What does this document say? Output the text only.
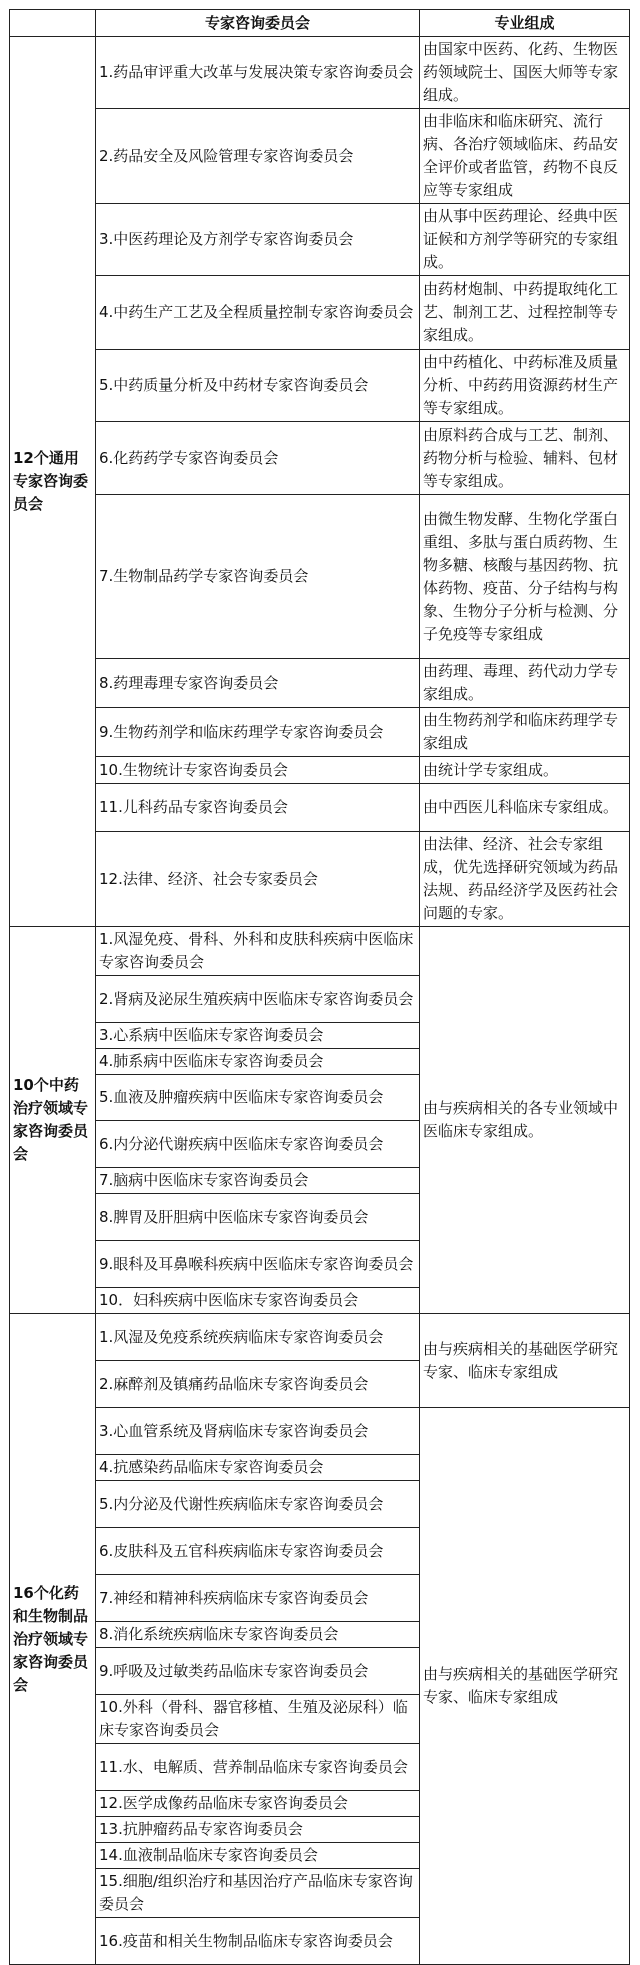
	专家咨询委员会	专业组成
12个通用专家咨询委员会	1.药品审评重大改革与发展决策专家咨询委员会	由国家中医药、化药、生物医药领域院士、国医大师等专家组成。
	2.药品安全及风险管理专家咨询委员会	由非临床和临床研究、流行病、各治疗领域临床、药品安全评价或者监管，药物不良反应等专家组成
	3.中医药理论及方剂学专家咨询委员会	由从事中医药理论、经典中医证候和方剂学等研究的专家组成。
	4.中药生产工艺及全程质量控制专家咨询委员会	由药材炮制、中药提取纯化工艺、制剂工艺、过程控制等专家组成。
	5.中药质量分析及中药材专家咨询委员会	由中药植化、中药标准及质量分析、中药药用资源药材生产等专家组成。
	6.化药药学专家咨询委员会	由原料药合成与工艺、制剂、药物分析与检验、辅料、包材等专家组成。
	7.生物制品药学专家咨询委员会	由微生物发酵、生物化学蛋白重组、多肽与蛋白质药物、生物多糖、核酸与基因药物、抗体药物、疫苗、分子结构与构象、生物分子分析与检测、分子免疫等专家组成
	8.药理毒理专家咨询委员会	由药理、毒理、药代动力学专家组成。
	9.生物药剂学和临床药理学专家咨询委员会	由生物药剂学和临床药理学专家组成
	10.生物统计专家咨询委员会	由统计学专家组成。
	11.儿科药品专家咨询委员会	由中西医儿科临床专家组成。
	12.法律、经济、社会专家委员会	由法律、经济、社会专家组成，优先选择研究领域为药品法规、药品经济学及医药社会问题的专家。
10个中药治疗领域专家咨询委员会	1.风湿免疫、骨科、外科和皮肤科疾病中医临床专家咨询委员会	由与疾病相关的各专业领域中医临床专家组成。
	2.肾病及泌尿生殖疾病中医临床专家咨询委员会	
	3.心系病中医临床专家咨询委员会	
	4.肺系病中医临床专家咨询委员会	
	5.血液及肿瘤疾病中医临床专家咨询委员会	
	6.内分泌代谢疾病中医临床专家咨询委员会	
	7.脑病中医临床专家咨询委员会	
	8.脾胃及肝胆病中医临床专家咨询委员会	
	9.眼科及耳鼻喉科疾病中医临床专家咨询委员会	
	10．妇科疾病中医临床专家咨询委员会	
16个化药和生物制品治疗领域专家咨询委员会	1.风湿及免疫系统疾病临床专家咨询委员会	由与疾病相关的基础医学研究专家、临床专家组成
	2.麻醉剂及镇痛药品临床专家咨询委员会	
	3.心血管系统及肾病临床专家咨询委员会	由与疾病相关的基础医学研究专家、临床专家组成
	4.抗感染药品临床专家咨询委员会	
	5.内分泌及代谢性疾病临床专家咨询委员会	
	6.皮肤科及五官科疾病临床专家咨询委员会	
	7.神经和精神科疾病临床专家咨询委员会	
	8.消化系统疾病临床专家咨询委员会	
	9.呼吸及过敏类药品临床专家咨询委员会	
	10.外科（骨科、器官移植、生殖及泌尿科）临床专家咨询委员会	
	11.水、电解质、营养制品临床专家咨询委员会	
	12.医学成像药品临床专家咨询委员会	
	13.抗肿瘤药品专家咨询委员会	
	14.血液制品临床专家咨询委员会	
	15.细胞/组织治疗和基因治疗产品临床专家咨询委员会	
	16.疫苗和相关生物制品临床专家咨询委员会	
